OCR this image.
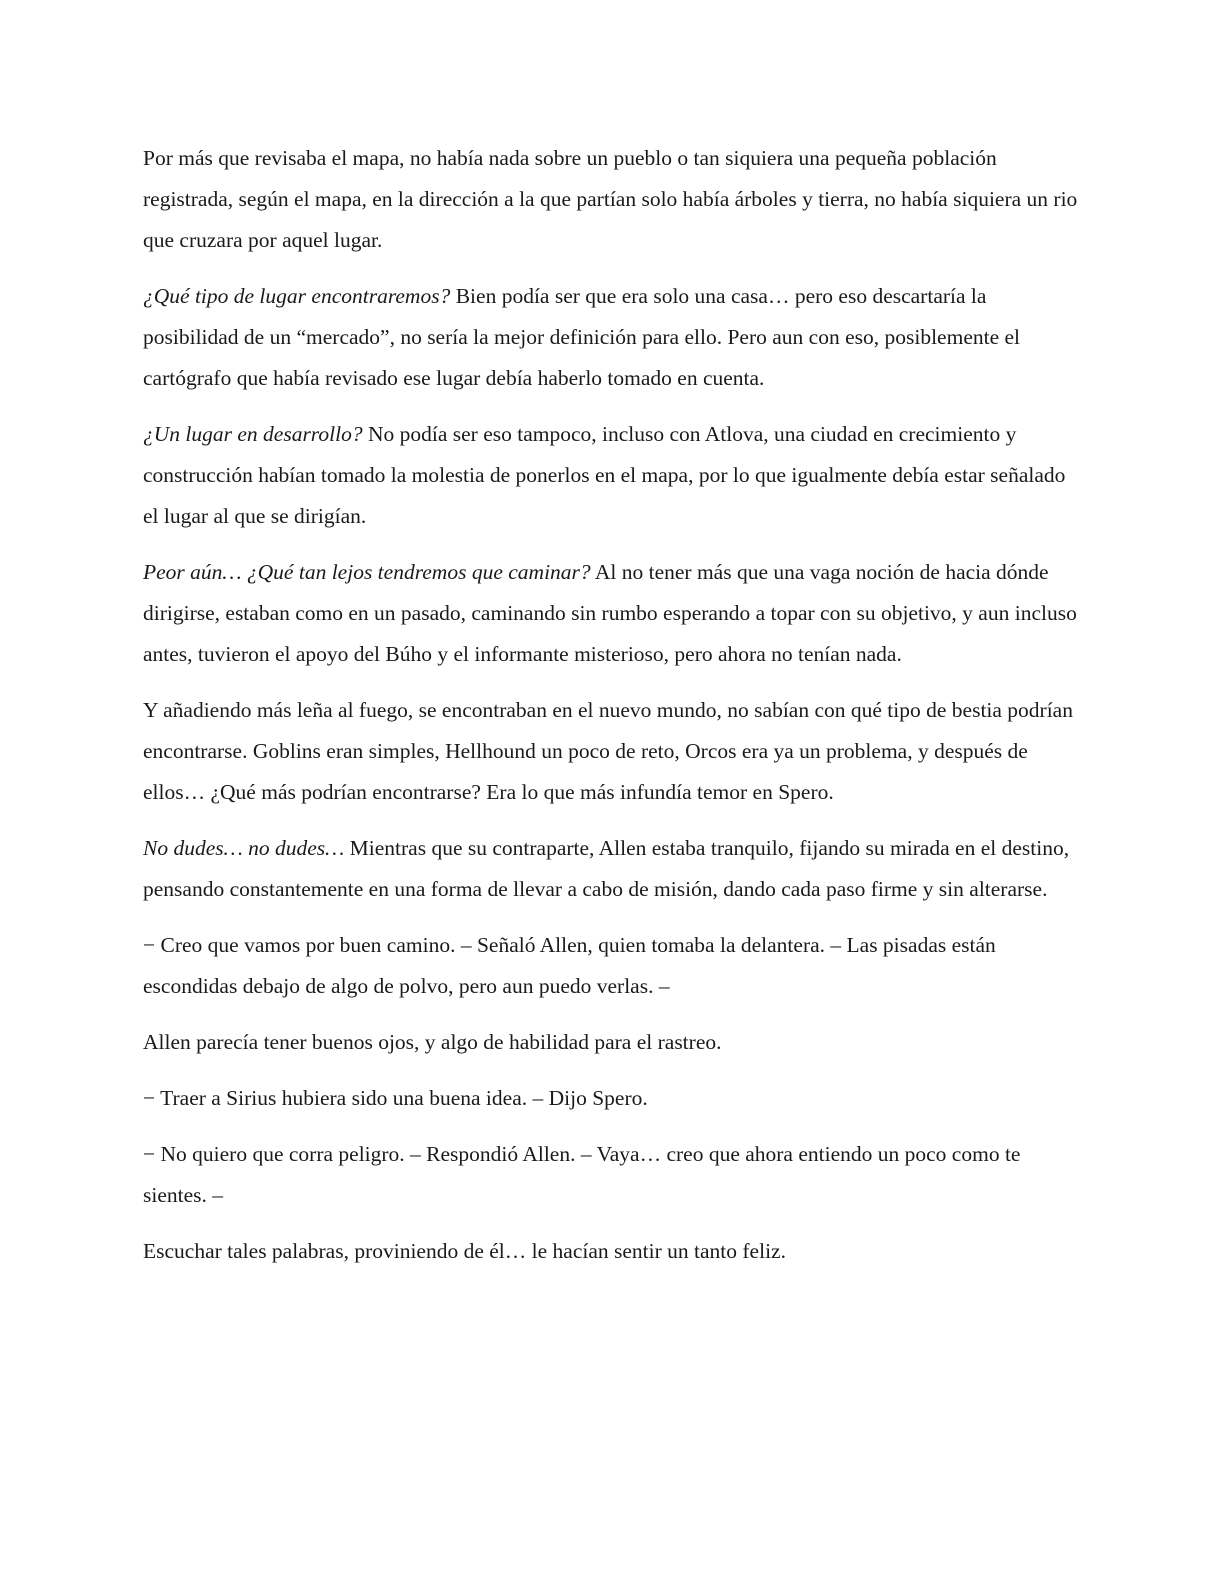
Por más que revisaba el mapa, no había nada sobre un pueblo o tan siquiera una pequeña población registrada, según el mapa, en la dirección a la que partían solo había árboles y tierra, no había siquiera un rio que cruzara por aquel lugar.

¿Qué tipo de lugar encontraremos? Bien podía ser que era solo una casa… pero eso descartaría la posibilidad de un “mercado”, no sería la mejor definición para ello. Pero aun con eso, posiblemente el cartógrafo que había revisado ese lugar debía haberlo tomado en cuenta.

¿Un lugar en desarrollo? No podía ser eso tampoco, incluso con Atlova, una ciudad en crecimiento y construcción habían tomado la molestia de ponerlos en el mapa, por lo que igualmente debía estar señalado el lugar al que se dirigían.

Peor aún… ¿Qué tan lejos tendremos que caminar? Al no tener más que una vaga noción de hacia dónde dirigirse, estaban como en un pasado, caminando sin rumbo esperando a topar con su objetivo, y aun incluso antes, tuvieron el apoyo del Búho y el informante misterioso, pero ahora no tenían nada.

Y añadiendo más leña al fuego, se encontraban en el nuevo mundo, no sabían con qué tipo de bestia podrían encontrarse. Goblins eran simples, Hellhound un poco de reto, Orcos era ya un problema, y después de ellos… ¿Qué más podrían encontrarse? Era lo que más infundía temor en Spero.

No dudes… no dudes… Mientras que su contraparte, Allen estaba tranquilo, fijando su mirada en el destino, pensando constantemente en una forma de llevar a cabo de misión, dando cada paso firme y sin alterarse.

− Creo que vamos por buen camino. – Señaló Allen, quien tomaba la delantera. – Las pisadas están escondidas debajo de algo de polvo, pero aun puedo verlas. –

Allen parecía tener buenos ojos, y algo de habilidad para el rastreo.

− Traer a Sirius hubiera sido una buena idea. – Dijo Spero.

− No quiero que corra peligro. – Respondió Allen. – Vaya… creo que ahora entiendo un poco como te sientes. –

Escuchar tales palabras, proviniendo de él… le hacían sentir un tanto feliz.
